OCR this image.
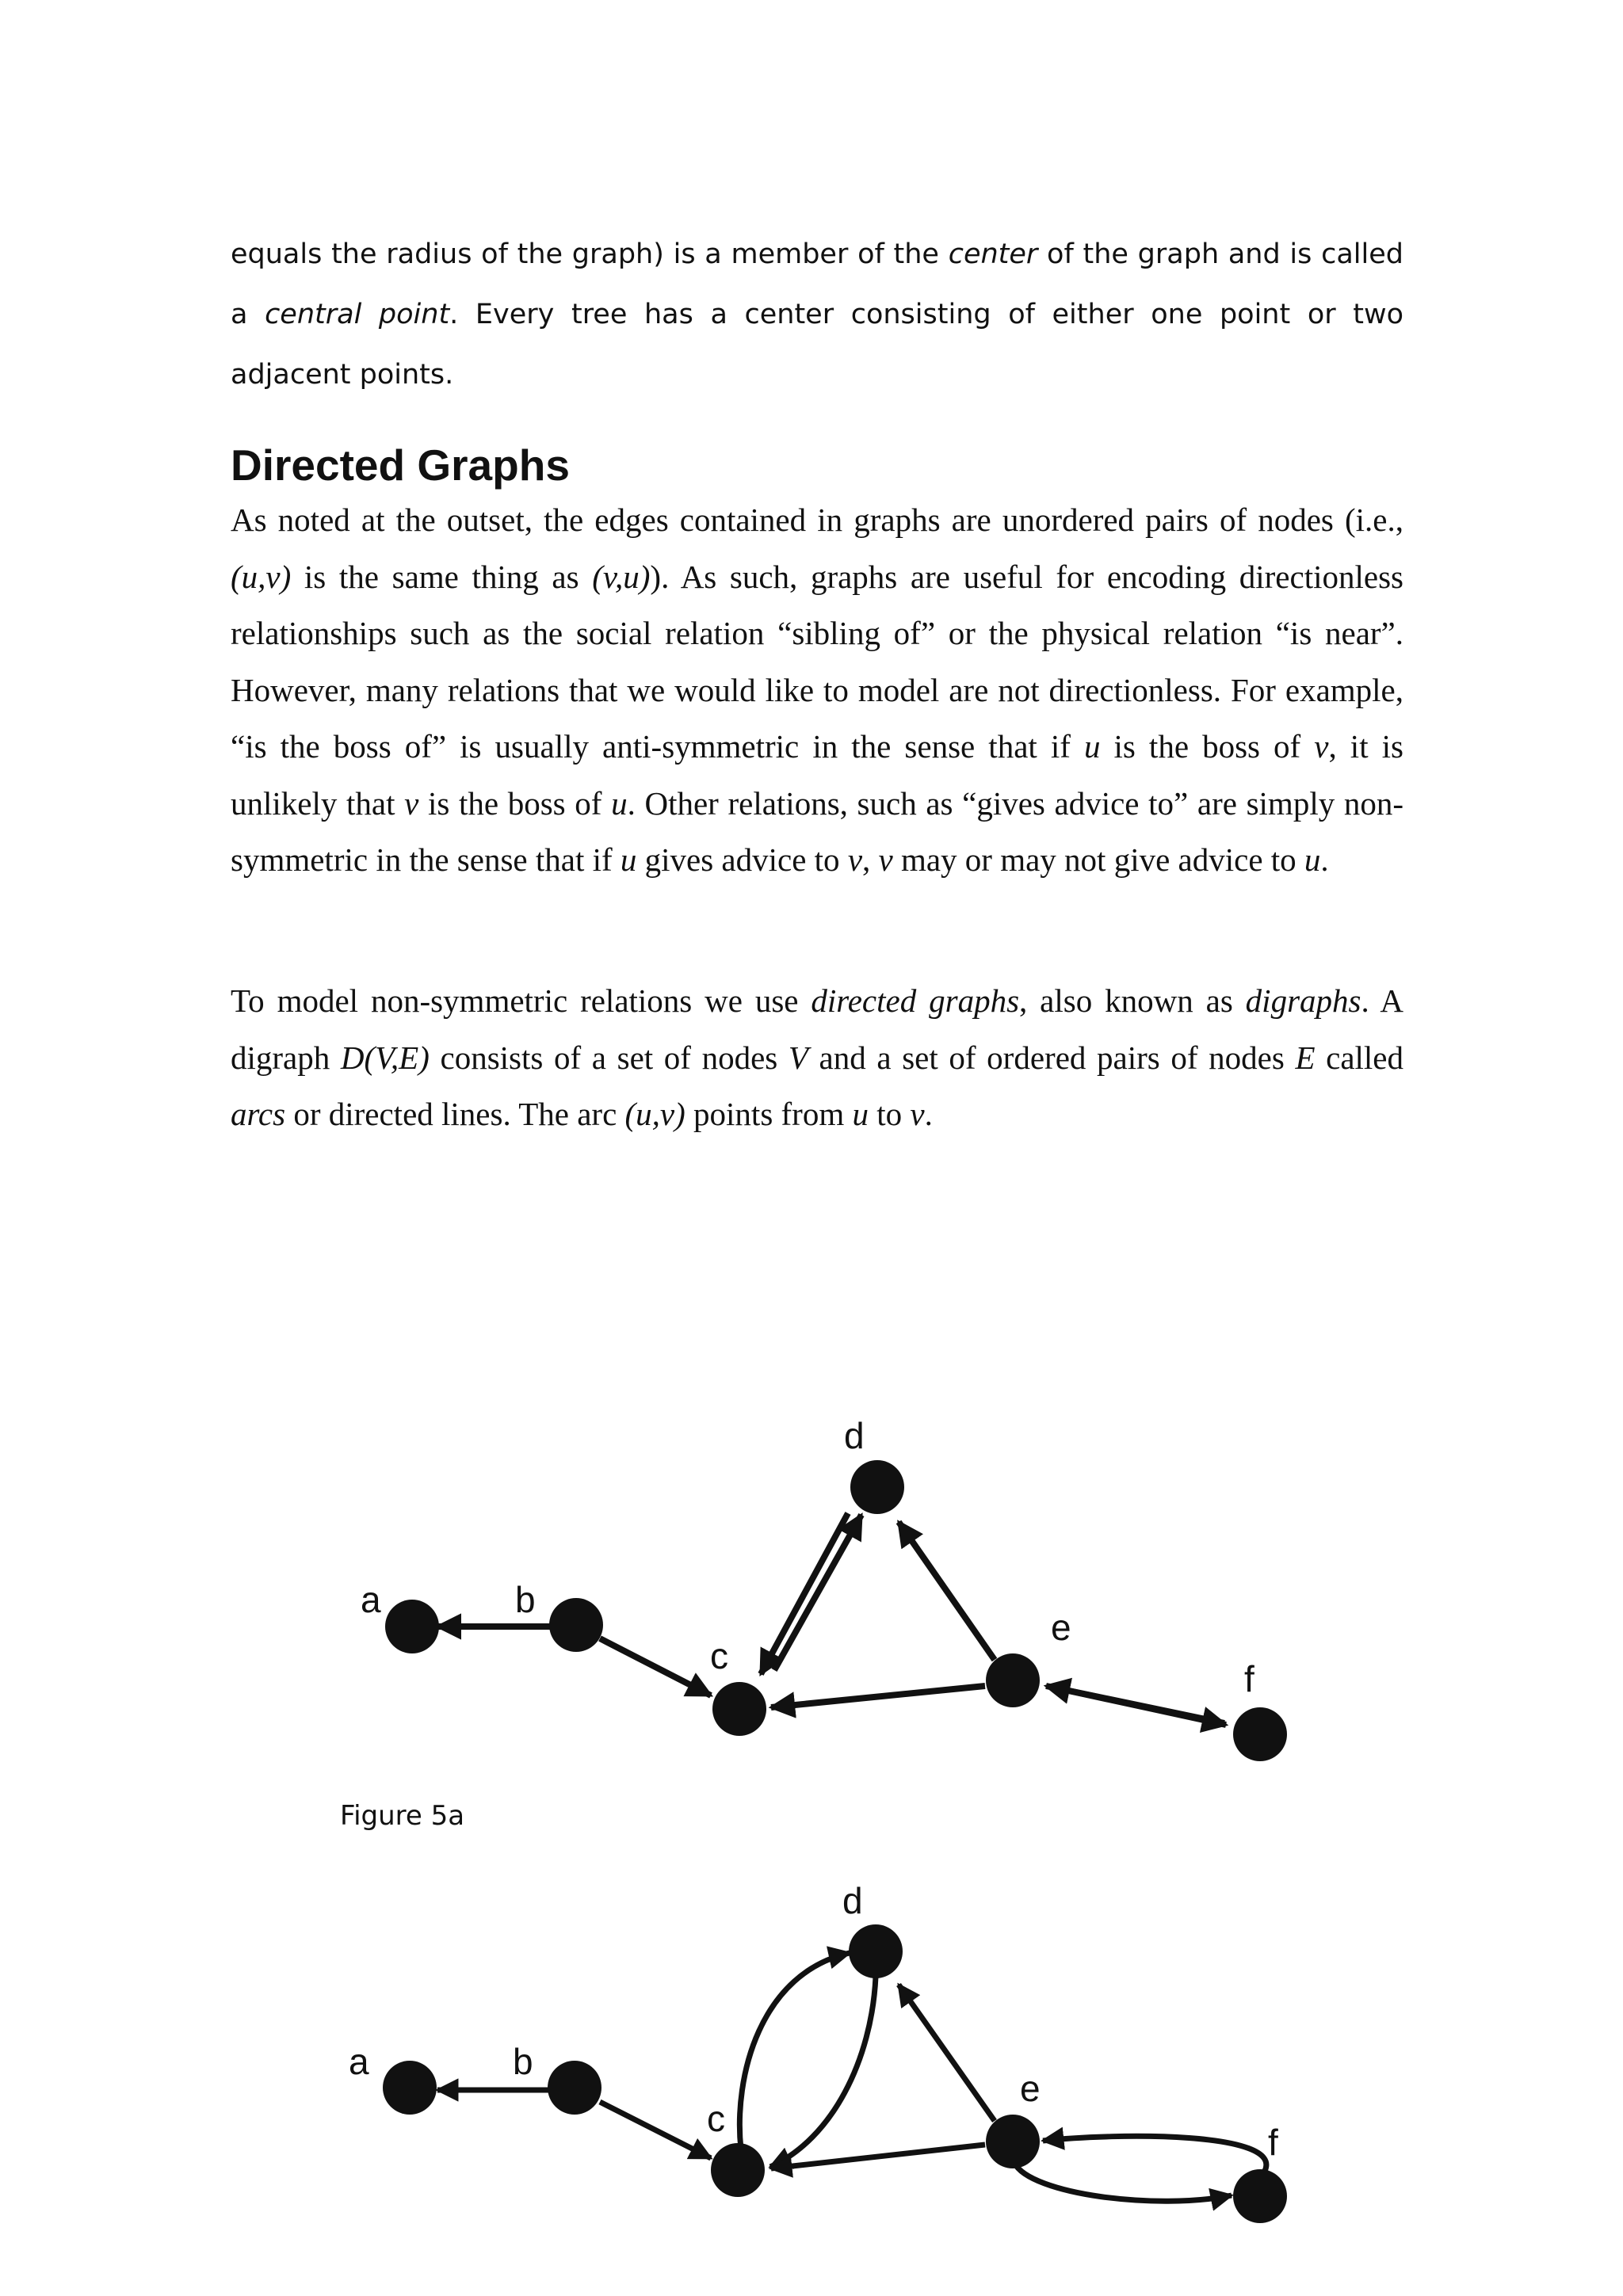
equals the radius of the graph) is a member of the center of the graph and is called a central point. Every tree has a center consisting of either one point or two adjacent points.

Directed Graphs

As noted at the outset, the edges contained in graphs are unordered pairs of nodes (i.e., (u,v) is the same thing as (v,u)). As such, graphs are useful for encoding directionless relationships such as the social relation “sibling of” or the physical relation “is near”. However, many relations that we would like to model are not directionless. For example, “is the boss of” is usually anti-symmetric in the sense that if u is the boss of v, it is unlikely that v is the boss of u. Other relations, such as “gives advice to” are simply non-symmetric in the sense that if u gives advice to v, v may or may not give advice to u.

To model non-symmetric relations we use directed graphs, also known as digraphs. A digraph D(V,E) consists of a set of nodes V and a set of ordered pairs of nodes E called arcs or directed lines. The arc (u,v) points from u to v.

a	b
c
d
e
f
Figure 5a
a	b
c
d
e
f
